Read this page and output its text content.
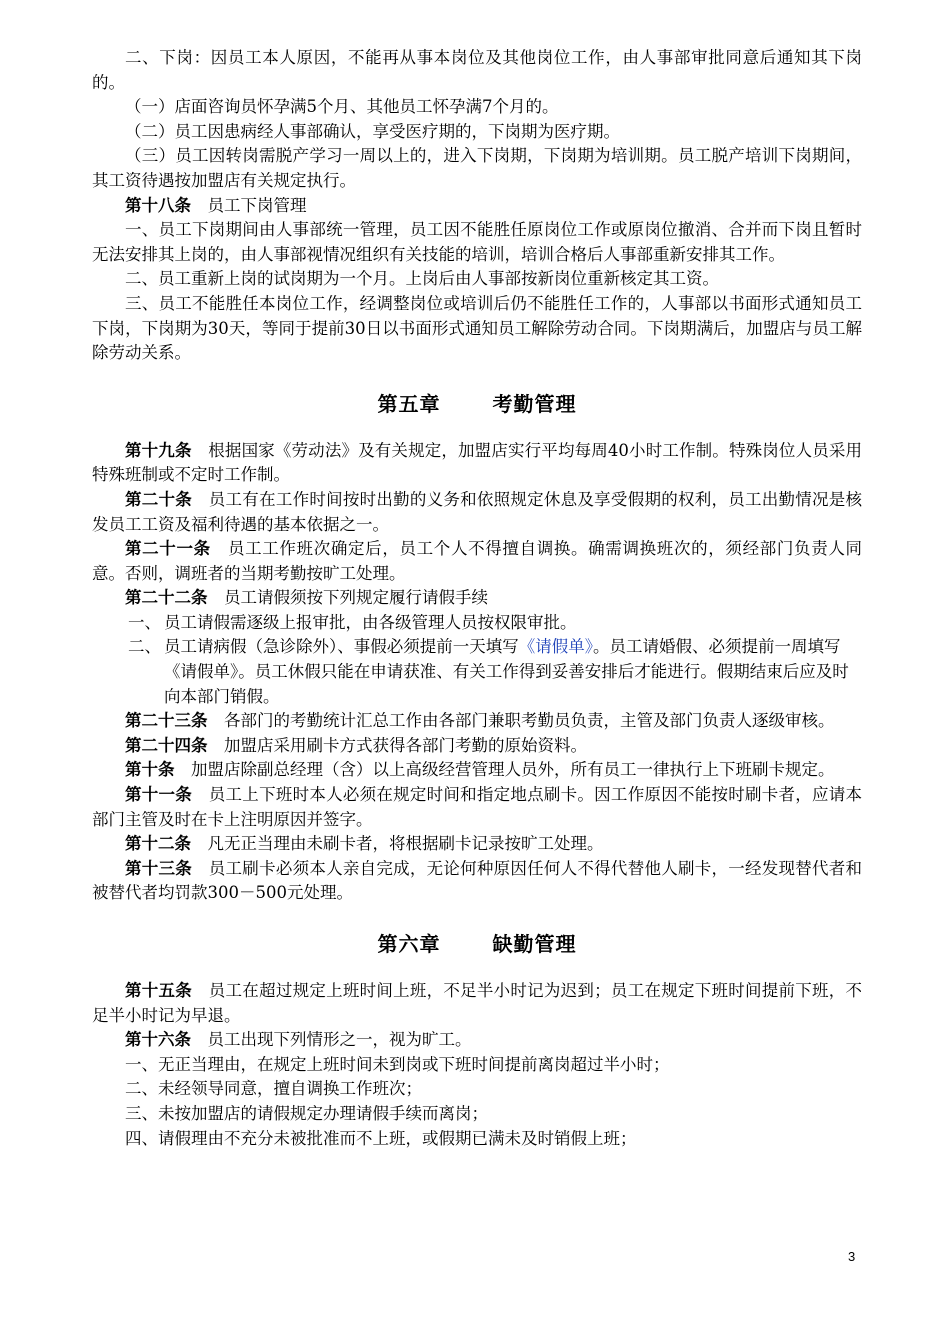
二、下岗：因员工本人原因，不能再从事本岗位及其他岗位工作，由人事部审批同意后通知其下岗的。

（一）店面咨询员怀孕满5个月、其他员工怀孕满7个月的。

（二）员工因患病经人事部确认，享受医疗期的，下岗期为医疗期。

（三）员工因转岗需脱产学习一周以上的，进入下岗期，下岗期为培训期。员工脱产培训下岗期间，其工资待遇按加盟店有关规定执行。

第十八条　 员工下岗管理

一、员工下岗期间由人事部统一管理，员工因不能胜任原岗位工作或原岗位撤消、合并而下岗且暂时无法安排其上岗的，由人事部视情况组织有关技能的培训，培训合格后人事部重新安排其工作。

二、员工重新上岗的试岗期为一个月。上岗后由人事部按新岗位重新核定其工资。

三、员工不能胜任本岗位工作，经调整岗位或培训后仍不能胜任工作的，人事部以书面形式通知员工下岗，下岗期为30天，等同于提前30日以书面形式通知员工解除劳动合同。下岗期满后，加盟店与员工解除劳动关系。

第五章	考勤管理

第十九条　 根据国家《劳动法》及有关规定，加盟店实行平均每周40小时工作制。特殊岗位人员采用特殊班制或不定时工作制。

第二十条　 员工有在工作时间按时出勤的义务和依照规定休息及享受假期的权利，员工出勤情况是核发员工工资及福利待遇的基本依据之一。

第二十一条　 员工工作班次确定后，员工个人不得擅自调换。确需调换班次的，须经部门负责人同意。否则，调班者的当期考勤按旷工处理。

第二十二条　 员工请假须按下列规定履行请假手续

一、 员工请假需逐级上报审批，由各级管理人员按权限审批。
二、 员工请病假（急诊除外）、事假必须提前一天填写《请假单》。员工请婚假、必须提前一周填写《请假单》。员工休假只能在申请获准、有关工作得到妥善安排后才能进行。假期结束后应及时向本部门销假。

第二十三条　 各部门的考勤统计汇总工作由各部门兼职考勤员负责，主管及部门负责人逐级审核。

第二十四条　 加盟店采用刷卡方式获得各部门考勤的原始资料。

第十条　 加盟店除副总经理（含）以上高级经营管理人员外，所有员工一律执行上下班刷卡规定。

第十一条　 员工上下班时本人必须在规定时间和指定地点刷卡。因工作原因不能按时刷卡者，应请本部门主管及时在卡上注明原因并签字。

第十二条　 凡无正当理由未刷卡者，将根据刷卡记录按旷工处理。

第十三条　 员工刷卡必须本人亲自完成，无论何种原因任何人不得代替他人刷卡，一经发现替代者和被替代者均罚款300－500元处理。

第六章	缺勤管理

第十五条　 员工在超过规定上班时间上班，不足半小时记为迟到；员工在规定下班时间提前下班，不足半小时记为早退。

第十六条　 员工出现下列情形之一，视为旷工。

一、无正当理由，在规定上班时间未到岗或下班时间提前离岗超过半小时；

二、未经领导同意，擅自调换工作班次；

三、未按加盟店的请假规定办理请假手续而离岗；

四、请假理由不充分未被批准而不上班，或假期已满未及时销假上班；

3
